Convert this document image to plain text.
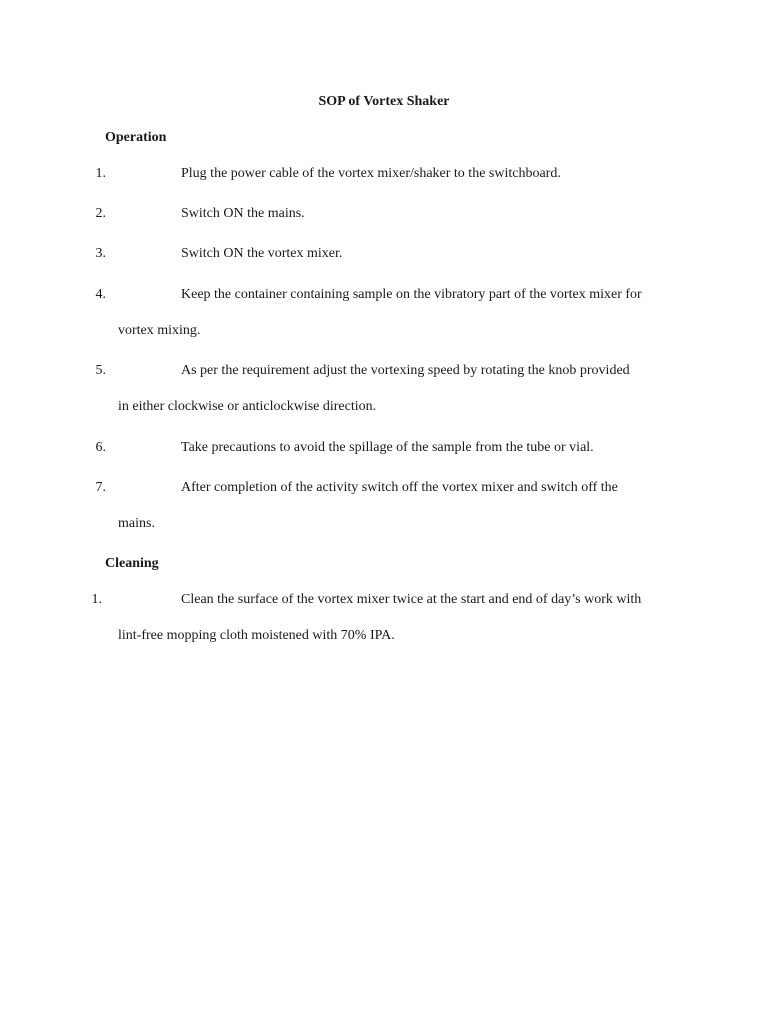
SOP of Vortex Shaker
Operation
1.	Plug the power cable of the vortex mixer/shaker to the switchboard.
2.	Switch ON the mains.
3.	Switch ON the vortex mixer.
4.	Keep the container containing sample on the vibratory part of the vortex mixer for
vortex mixing.
5.	As per the requirement adjust the vortexing speed by rotating the knob provided
in either clockwise or anticlockwise direction.
6.	Take precautions to avoid the spillage of the sample from the tube or vial.
7.	After completion of the activity switch off the vortex mixer and switch off the
mains.
Cleaning
1.	Clean the surface of the vortex mixer twice at the start and end of day’s work with
lint-free mopping cloth moistened with 70% IPA.
